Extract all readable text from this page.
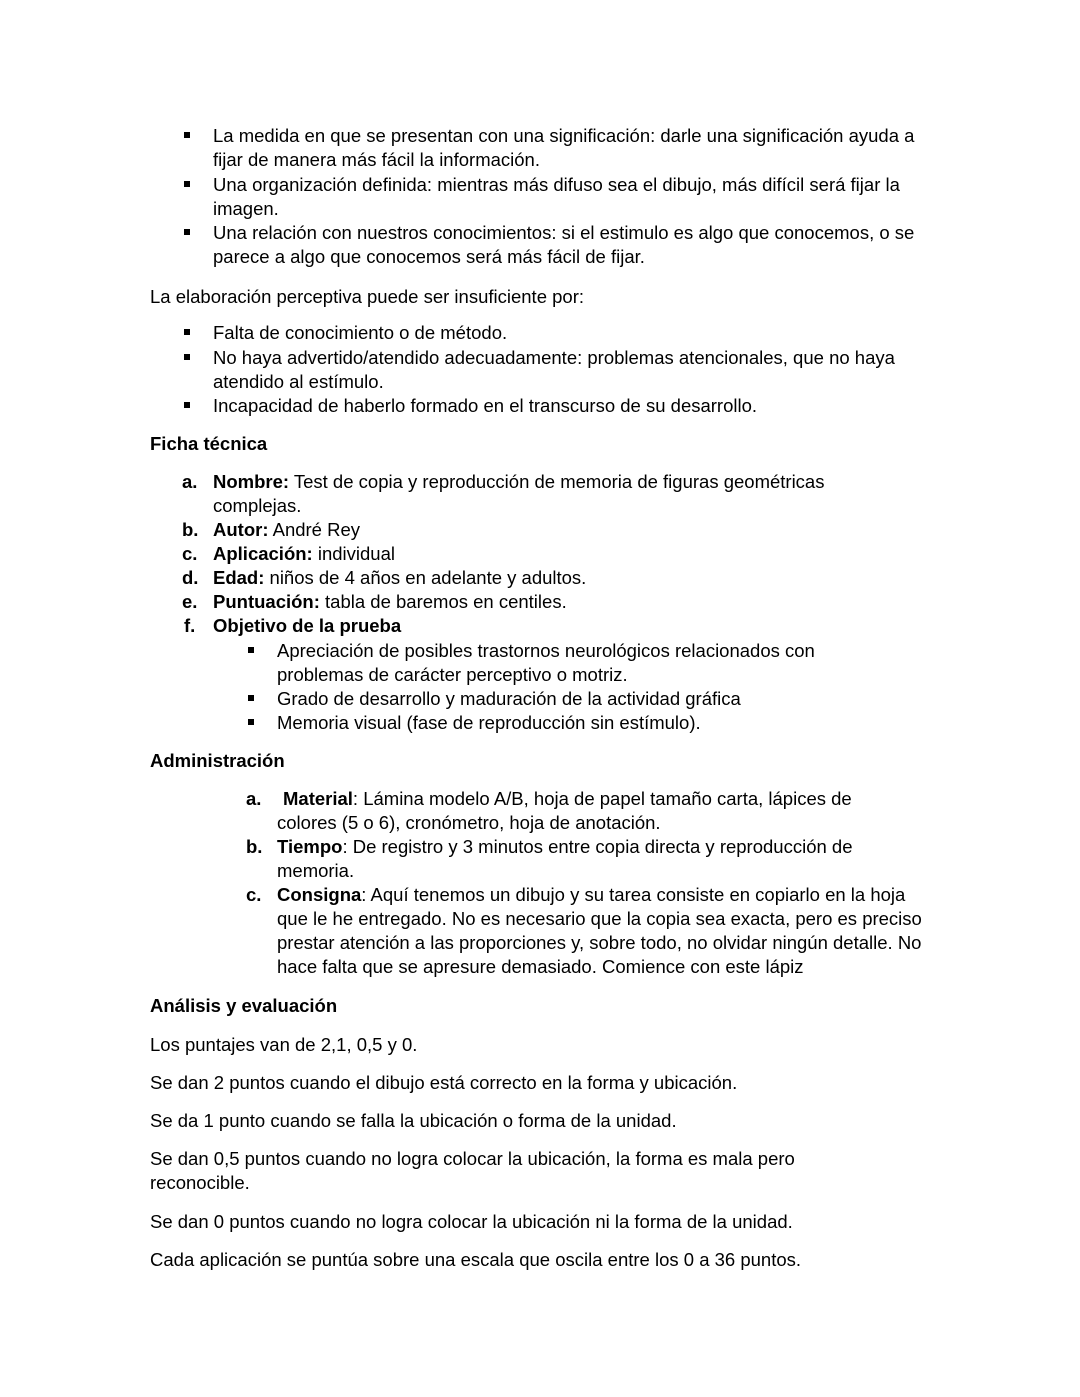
La medida en que se presentan con una significación: darle una significación ayuda a fijar de manera más fácil la información.
Una organización definida: mientras más difuso sea el dibujo, más difícil será fijar la imagen.
Una relación con nuestros conocimientos: si el estimulo es algo que conocemos, o se parece a algo que conocemos será más fácil de fijar.
La elaboración perceptiva puede ser insuficiente por:
Falta de conocimiento o de método.
No haya advertido/atendido adecuadamente: problemas atencionales, que no haya atendido al estímulo.
Incapacidad de haberlo formado en el transcurso de su desarrollo.
Ficha técnica
a. Nombre: Test de copia y reproducción de memoria de figuras geométricas complejas.
b. Autor: André Rey
c. Aplicación: individual
d. Edad: niños de 4 años en adelante y adultos.
e. Puntuación: tabla de baremos en centiles.
f. Objetivo de la prueba
Apreciación de posibles trastornos neurológicos relacionados con problemas de carácter perceptivo o motriz.
Grado de desarrollo y maduración de la actividad gráfica
Memoria visual (fase de reproducción sin estímulo).
Administración
a.	Material: Lámina modelo A/B, hoja de papel tamaño carta, lápices de colores (5 o 6), cronómetro, hoja de anotación.
b. Tiempo: De registro y 3 minutos entre copia directa y reproducción de memoria.
c. Consigna: Aquí tenemos un dibujo y su tarea consiste en copiarlo en la hoja que le he entregado. No es necesario que la copia sea exacta, pero es preciso prestar atención a las proporciones y, sobre todo, no olvidar ningún detalle. No hace falta que se apresure demasiado. Comience con este lápiz
Análisis y evaluación
Los puntajes van de 2,1, 0,5 y 0.
Se dan 2 puntos cuando el dibujo está correcto en la forma y ubicación.
Se da 1 punto cuando se falla la ubicación o forma de la unidad.
Se dan 0,5 puntos cuando no logra colocar la ubicación, la forma es mala pero reconocible.
Se dan 0 puntos cuando no logra colocar la ubicación ni la forma de la unidad.
Cada aplicación se puntúa sobre una escala que oscila entre los 0 a 36 puntos.
